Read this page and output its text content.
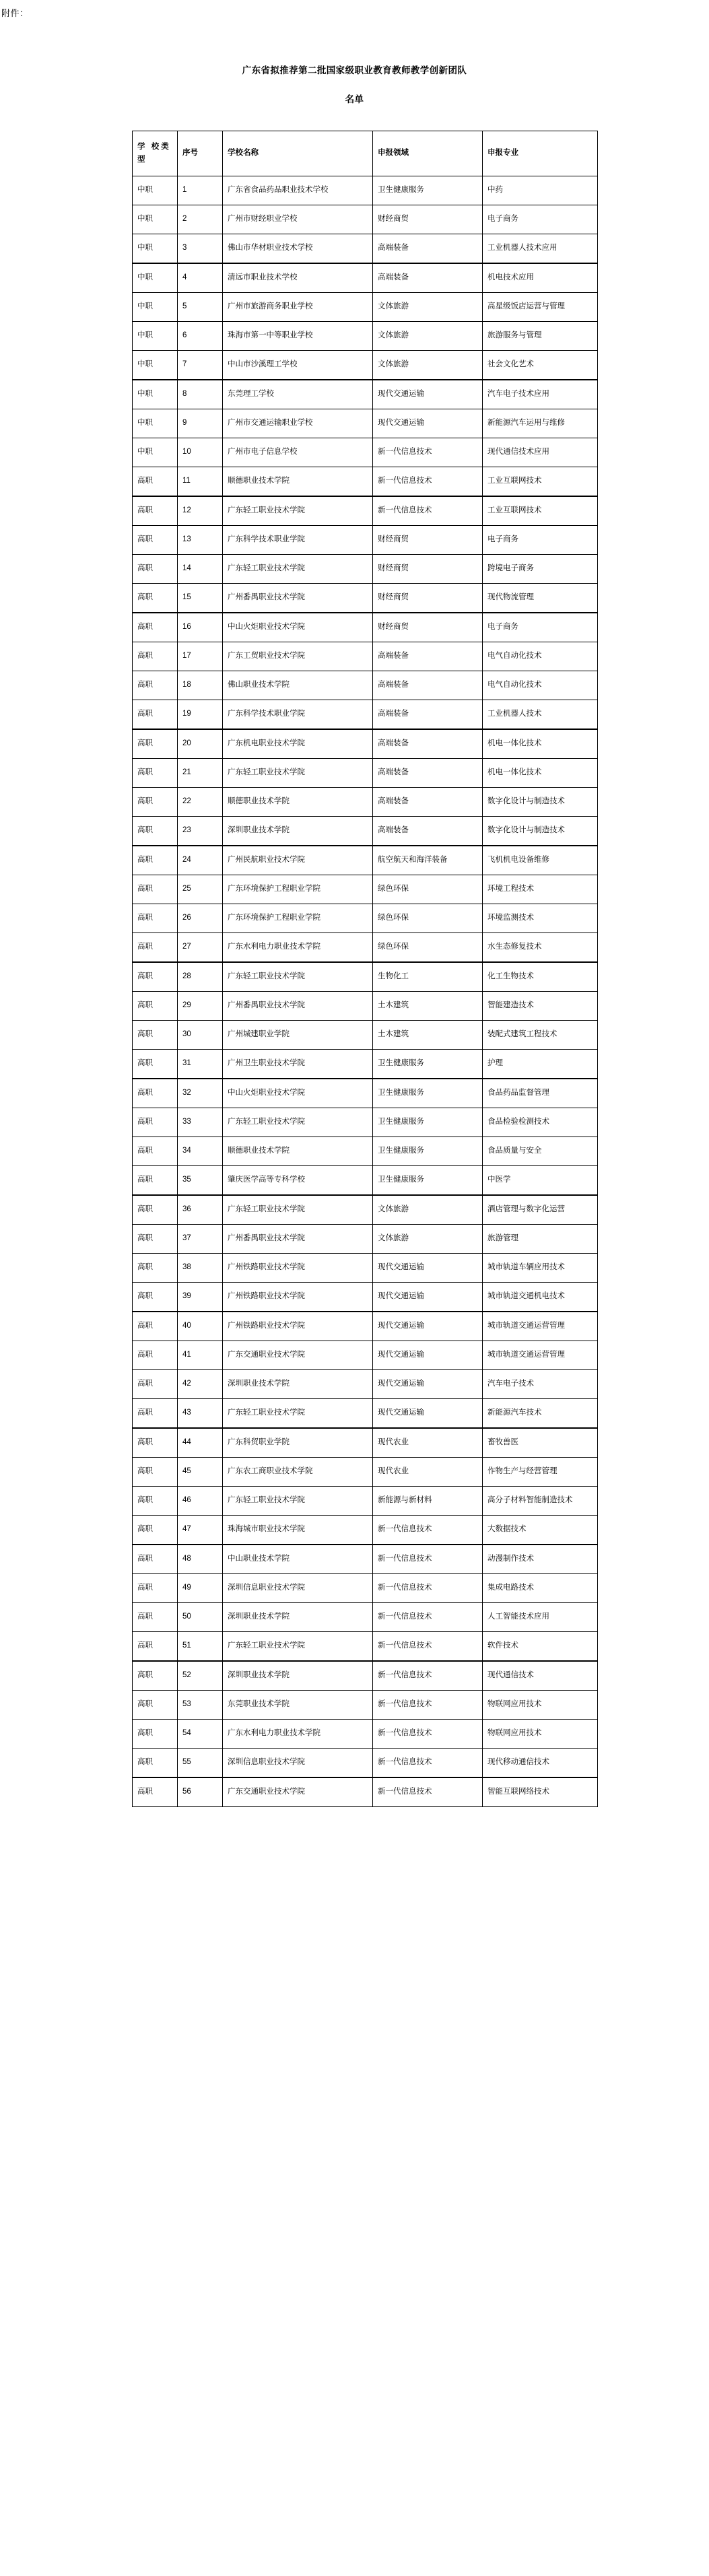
附件：
广东省拟推荐第二批国家级职业教育教师教学创新团队
名单
学 校类型	序号	学校名称	申报领域	申报专业
中职	1	广东省食品药品职业技术学校	卫生健康服务	中药
中职	2	广州市财经职业学校	财经商贸	电子商务
中职	3	佛山市华材职业技术学校	高端装备	工业机器人技术应用
中职	4	清远市职业技术学校	高端装备	机电技术应用
中职	5	广州市旅游商务职业学校	文体旅游	高星级饭店运营与管理
中职	6	珠海市第一中等职业学校	文体旅游	旅游服务与管理
中职	7	中山市沙溪理工学校	文体旅游	社会文化艺术
中职	8	东莞理工学校	现代交通运输	汽车电子技术应用
中职	9	广州市交通运输职业学校	现代交通运输	新能源汽车运用与维修
中职	10	广州市电子信息学校	新一代信息技术	现代通信技术应用
高职	11	顺德职业技术学院	新一代信息技术	工业互联网技术
高职	12	广东轻工职业技术学院	新一代信息技术	工业互联网技术
高职	13	广东科学技术职业学院	财经商贸	电子商务
高职	14	广东轻工职业技术学院	财经商贸	跨境电子商务
高职	15	广州番禺职业技术学院	财经商贸	现代物流管理
高职	16	中山火炬职业技术学院	财经商贸	电子商务
高职	17	广东工贸职业技术学院	高端装备	电气自动化技术
高职	18	佛山职业技术学院	高端装备	电气自动化技术
高职	19	广东科学技术职业学院	高端装备	工业机器人技术
高职	20	广东机电职业技术学院	高端装备	机电一体化技术
高职	21	广东轻工职业技术学院	高端装备	机电一体化技术
高职	22	顺德职业技术学院	高端装备	数字化设计与制造技术
高职	23	深圳职业技术学院	高端装备	数字化设计与制造技术
高职	24	广州民航职业技术学院	航空航天和海洋装备	飞机机电设备维修
高职	25	广东环境保护工程职业学院	绿色环保	环境工程技术
高职	26	广东环境保护工程职业学院	绿色环保	环境监测技术
高职	27	广东水利电力职业技术学院	绿色环保	水生态修复技术
高职	28	广东轻工职业技术学院	生物化工	化工生物技术
高职	29	广州番禺职业技术学院	土木建筑	智能建造技术
高职	30	广州城建职业学院	土木建筑	装配式建筑工程技术
高职	31	广州卫生职业技术学院	卫生健康服务	护理
高职	32	中山火炬职业技术学院	卫生健康服务	食品药品监督管理
高职	33	广东轻工职业技术学院	卫生健康服务	食品检验检测技术
高职	34	顺德职业技术学院	卫生健康服务	食品质量与安全
高职	35	肇庆医学高等专科学校	卫生健康服务	中医学
高职	36	广东轻工职业技术学院	文体旅游	酒店管理与数字化运营
高职	37	广州番禺职业技术学院	文体旅游	旅游管理
高职	38	广州铁路职业技术学院	现代交通运输	城市轨道车辆应用技术
高职	39	广州铁路职业技术学院	现代交通运输	城市轨道交通机电技术
高职	40	广州铁路职业技术学院	现代交通运输	城市轨道交通运营管理
高职	41	广东交通职业技术学院	现代交通运输	城市轨道交通运营管理
高职	42	深圳职业技术学院	现代交通运输	汽车电子技术
高职	43	广东轻工职业技术学院	现代交通运输	新能源汽车技术
高职	44	广东科贸职业学院	现代农业	畜牧兽医
高职	45	广东农工商职业技术学院	现代农业	作物生产与经营管理
高职	46	广东轻工职业技术学院	新能源与新材料	高分子材料智能制造技术
高职	47	珠海城市职业技术学院	新一代信息技术	大数据技术
高职	48	中山职业技术学院	新一代信息技术	动漫制作技术
高职	49	深圳信息职业技术学院	新一代信息技术	集成电路技术
高职	50	深圳职业技术学院	新一代信息技术	人工智能技术应用
高职	51	广东轻工职业技术学院	新一代信息技术	软件技术
高职	52	深圳职业技术学院	新一代信息技术	现代通信技术
高职	53	东莞职业技术学院	新一代信息技术	物联网应用技术
高职	54	广东水利电力职业技术学院	新一代信息技术	物联网应用技术
高职	55	深圳信息职业技术学院	新一代信息技术	现代移动通信技术
高职	56	广东交通职业技术学院	新一代信息技术	智能互联网络技术
